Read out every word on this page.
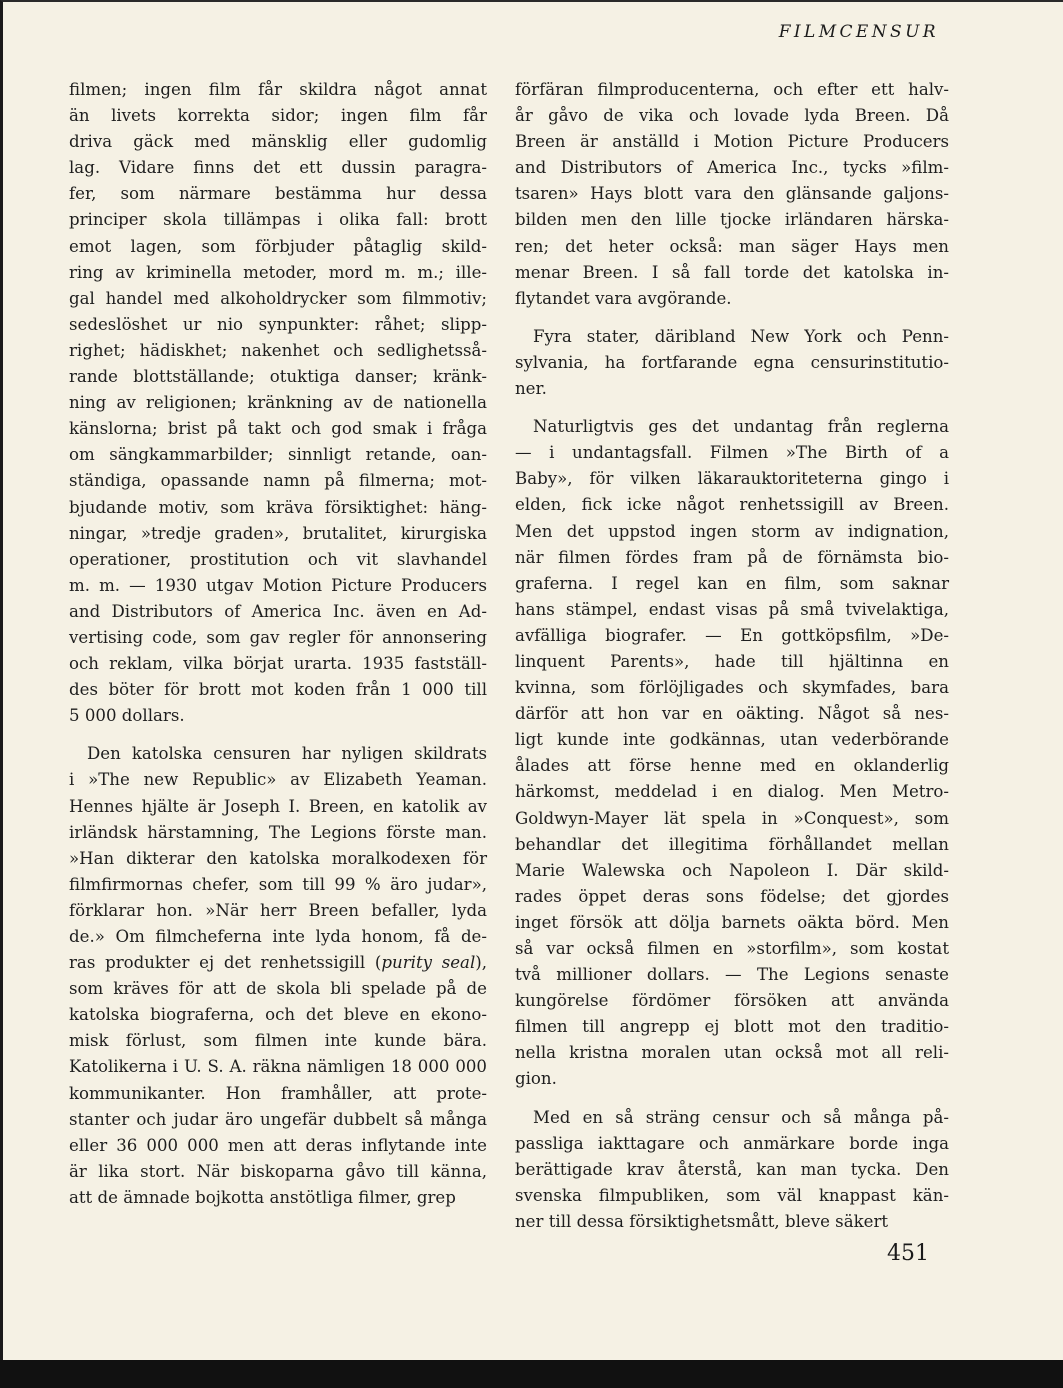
FILMCENSUR

filmen; ingen film får skildra något annat
än livets korrekta sidor; ingen film får
driva gäck med mänsklig eller gudomlig
lag. Vidare finns det ett dussin paragra-
fer, som närmare bestämma hur dessa
principer skola tillämpas i olika fall: brott
emot lagen, som förbjuder påtaglig skild-
ring av kriminella metoder, mord m. m.; ille-
gal handel med alkoholdrycker som filmmotiv;
sedeslöshet ur nio synpunkter: råhet; slipp-
righet; hädiskhet; nakenhet och sedlighetsså-
rande blottställande; otuktiga danser; kränk-
ning av religionen; kränkning av de nationella
känslorna; brist på takt och god smak i fråga
om sängkammarbilder; sinnligt retande, oan-
ständiga, opassande namn på filmerna; mot-
bjudande motiv, som kräva försiktighet: häng-
ningar, »tredje graden», brutalitet, kirurgiska
operationer, prostitution och vit slavhandel
m. m. — 1930 utgav Motion Picture Producers
and Distributors of America Inc. även en Ad-
vertising code, som gav regler för annonsering
och reklam, vilka börjat urarta. 1935 fastställ-
des böter för brott mot koden från 1 000 till
5 000 dollars.

Den katolska censuren har nyligen skildrats
i »The new Republic» av Elizabeth Yeaman.
Hennes hjälte är Joseph I. Breen, en katolik av
irländsk härstamning, The Legions förste man.
»Han dikterar den katolska moralkodexen för
filmfirmornas chefer, som till 99 % äro judar»,
förklarar hon. »När herr Breen befaller, lyda
de.» Om filmcheferna inte lyda honom, få de-
ras produkter ej det renhetssigill (purity seal),
som kräves för att de skola bli spelade på de
katolska biograferna, och det bleve en ekono-
misk förlust, som filmen inte kunde bära.
Katolikerna i U. S. A. räkna nämligen 18 000 000
kommunikanter. Hon framhåller, att prote-
stanter och judar äro ungefär dubbelt så många
eller 36 000 000 men att deras inflytande inte
är lika stort. När biskoparna gåvo till känna,
att de ämnade bojkotta anstötliga filmer, grep

förfäran filmproducenterna, och efter ett halv-
år gåvo de vika och lovade lyda Breen. Då
Breen är anställd i Motion Picture Producers
and Distributors of America Inc., tycks »film-
tsaren» Hays blott vara den glänsande galjons-
bilden men den lille tjocke irländaren härska-
ren; det heter också: man säger Hays men
menar Breen. I så fall torde det katolska in-
flytandet vara avgörande.

Fyra stater, däribland New York och Penn-
sylvania, ha fortfarande egna censurinstitutio-
ner.

Naturligtvis ges det undantag från reglerna
— i undantagsfall. Filmen »The Birth of a
Baby», för vilken läkarauktoriteterna gingo i
elden, fick icke något renhetssigill av Breen.
Men det uppstod ingen storm av indignation,
när filmen fördes fram på de förnämsta bio-
graferna. I regel kan en film, som saknar
hans stämpel, endast visas på små tvivelaktiga,
avfälliga biografer. — En gottköpsfilm, »De-
linquent Parents», hade till hjältinna en
kvinna, som förlöjligades och skymfades, bara
därför att hon var en oäkting. Något så nes-
ligt kunde inte godkännas, utan vederbörande
ålades att förse henne med en oklanderlig
härkomst, meddelad i en dialog. Men Metro-
Goldwyn-Mayer lät spela in »Conquest», som
behandlar det illegitima förhållandet mellan
Marie Walewska och Napoleon I. Där skild-
rades öppet deras sons födelse; det gjordes
inget försök att dölja barnets oäkta börd. Men
så var också filmen en »storfilm», som kostat
två millioner dollars. — The Legions senaste
kungörelse fördömer försöken att använda
filmen till angrepp ej blott mot den traditio-
nella kristna moralen utan också mot all reli-
gion.

Med en så sträng censur och så många på-
passliga iakttagare och anmärkare borde inga
berättigade krav återstå, kan man tycka. Den
svenska filmpubliken, som väl knappast kän-
ner till dessa försiktighetsmått, bleve säkert

451
